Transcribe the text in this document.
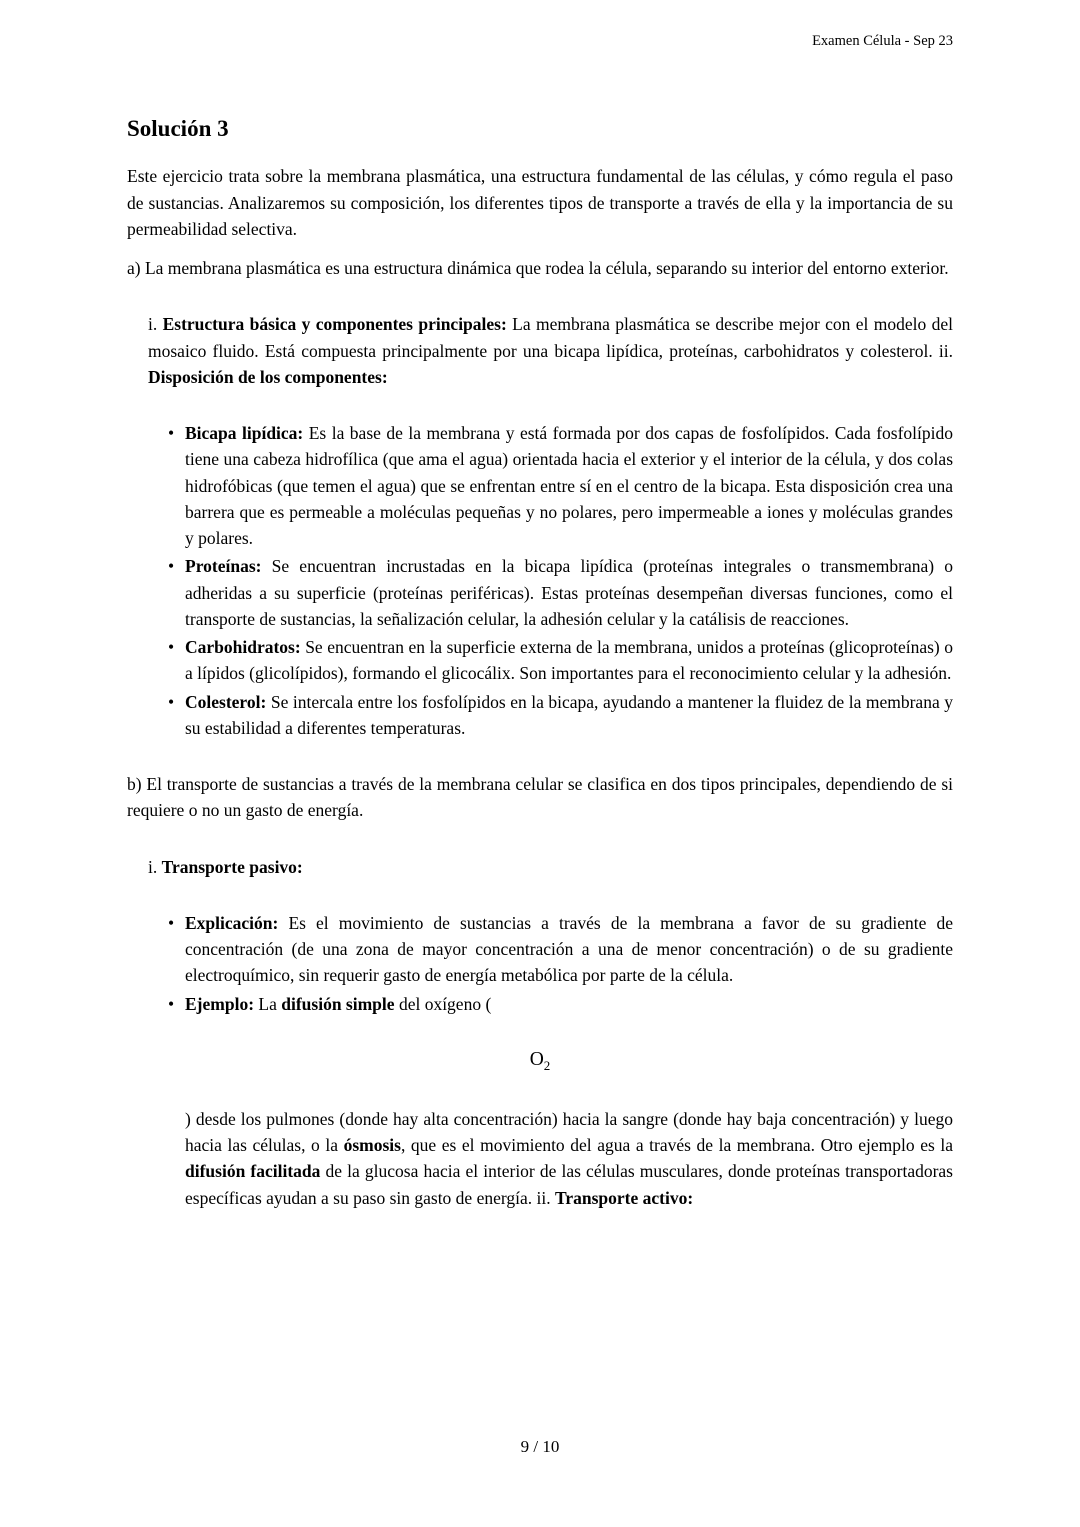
Examen Célula - Sep 23
Solución 3

Este ejercicio trata sobre la membrana plasmática, una estructura fundamental de las células, y cómo regula el paso de sustancias. Analizaremos su composición, los diferentes tipos de transporte a través de ella y la importancia de su permeabilidad selectiva.

a) La membrana plasmática es una estructura dinámica que rodea la célula, separando su interior del entorno exterior.

i. Estructura básica y componentes principales: La membrana plasmática se describe mejor con el modelo del mosaico fluido. Está compuesta principalmente por una bicapa lipídica, proteínas, carbohidratos y colesterol. ii. Disposición de los componentes:

• Bicapa lipídica: Es la base de la membrana y está formada por dos capas de fosfolípidos. Cada fosfolípido tiene una cabeza hidrofílica (que ama el agua) orientada hacia el exterior y el interior de la célula, y dos colas hidrofóbicas (que temen el agua) que se enfrentan entre sí en el centro de la bicapa. Esta disposición crea una barrera que es permeable a moléculas pequeñas y no polares, pero impermeable a iones y moléculas grandes y polares.
• Proteínas: Se encuentran incrustadas en la bicapa lipídica (proteínas integrales o transmembrana) o adheridas a su superficie (proteínas periféricas). Estas proteínas desempeñan diversas funciones, como el transporte de sustancias, la señalización celular, la adhesión celular y la catálisis de reacciones.
• Carbohidratos: Se encuentran en la superficie externa de la membrana, unidos a proteínas (glicoproteínas) o a lípidos (glicolípidos), formando el glicocálix. Son importantes para el reconocimiento celular y la adhesión.
• Colesterol: Se intercala entre los fosfolípidos en la bicapa, ayudando a mantener la fluidez de la membrana y su estabilidad a diferentes temperaturas.

b) El transporte de sustancias a través de la membrana celular se clasifica en dos tipos principales, dependiendo de si requiere o no un gasto de energía.

i. Transporte pasivo:

• Explicación: Es el movimiento de sustancias a través de la membrana a favor de su gradiente de concentración (de una zona de mayor concentración a una de menor concentración) o de su gradiente electroquímico, sin requerir gasto de energía metabólica por parte de la célula.
• Ejemplo: La difusión simple del oxígeno (
$O_2$

) desde los pulmones (donde hay alta concentración) hacia la sangre (donde hay baja concentración) y luego hacia las células, o la ósmosis, que es el movimiento del agua a través de la membrana. Otro ejemplo es la difusión facilitada de la glucosa hacia el interior de las células musculares, donde proteínas transportadoras específicas ayudan a su paso sin gasto de energía. ii. Transporte activo:

9 / 10
